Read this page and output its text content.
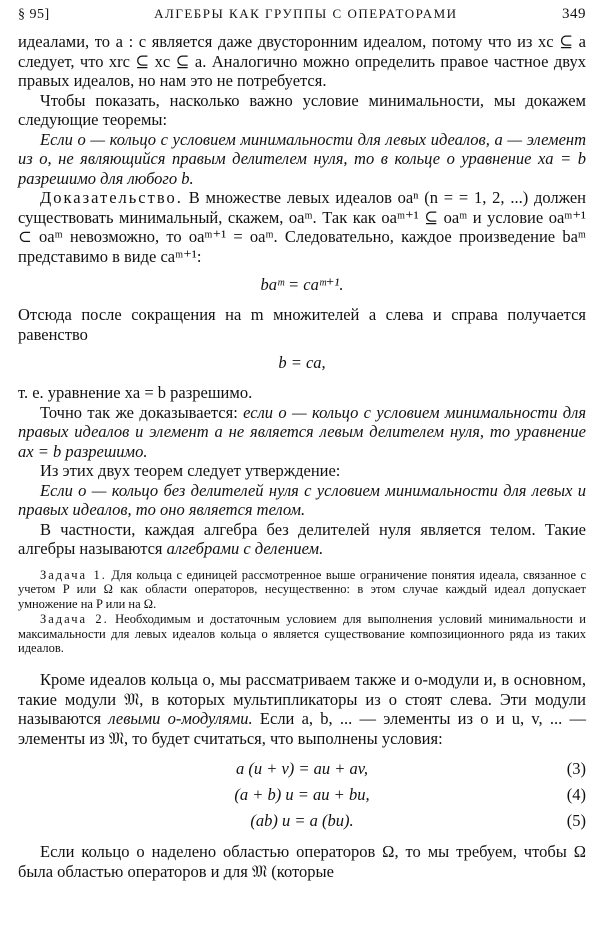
§ 95]	АЛГЕБРЫ КАК ГРУППЫ С ОПЕРАТОРАМИ	349

идеалами, то a : c является даже двусторонним идеалом, потому что из xc ⊆ a следует, что xrc ⊆ xc ⊆ a. Аналогично можно определить правое частное двух правых идеалов, но нам это не потребуется.

Чтобы показать, насколько важно условие минимальности, мы докажем следующие теоремы:

Если o — кольцо с условием минимальности для левых идеалов, a — элемент из o, не являющийся правым делителем нуля, то в кольце o уравнение xa = b разрешимо для любого b.

Доказательство. В множестве левых идеалов oaⁿ (n = = 1, 2, ...) должен существовать минимальный, скажем, oaᵐ. Так как oaᵐ⁺¹ ⊆ oaᵐ и условие oaᵐ⁺¹ ⊂ oaᵐ невозможно, то oaᵐ⁺¹ = oaᵐ. Следовательно, каждое произведение baᵐ представимо в виде caᵐ⁺¹:

baᵐ = caᵐ⁺¹.

Отсюда после сокращения на m множителей a слева и справа получается равенство

b = ca,

т. е. уравнение xa = b разрешимо.

Точно так же доказывается: если o — кольцо с условием минимальности для правых идеалов и элемент a не является левым делителем нуля, то уравнение ax = b разрешимо.

Из этих двух теорем следует утверждение:

Если o — кольцо без делителей нуля с условием минимальности для левых и правых идеалов, то оно является телом.

В частности, каждая алгебра без делителей нуля является телом. Такие алгебры называются алгебрами с делением.

Задача 1. Для кольца с единицей рассмотренное выше ограничение понятия идеала, связанное с учетом P или Ω как области операторов, несущественно: в этом случае каждый идеал допускает умножение на P или на Ω.

Задача 2. Необходимым и достаточным условием для выполнения условий минимальности и максимальности для левых идеалов кольца o является существование композиционного ряда из таких идеалов.

Кроме идеалов кольца o, мы рассматриваем также и o-модули и, в основном, такие модули 𝔐, в которых мультипликаторы из o стоят слева. Эти модули называются левыми o-модулями. Если a, b, ... — элементы из o и u, v, ... — элементы из 𝔐, то будет считаться, что выполнены условия:

a (u + v) = au + av,	(3)
(a + b) u = au + bu,	(4)
(ab) u = a (bu).	(5)

Если кольцо o наделено областью операторов Ω, то мы требуем, чтобы Ω была областью операторов и для 𝔐 (которые
